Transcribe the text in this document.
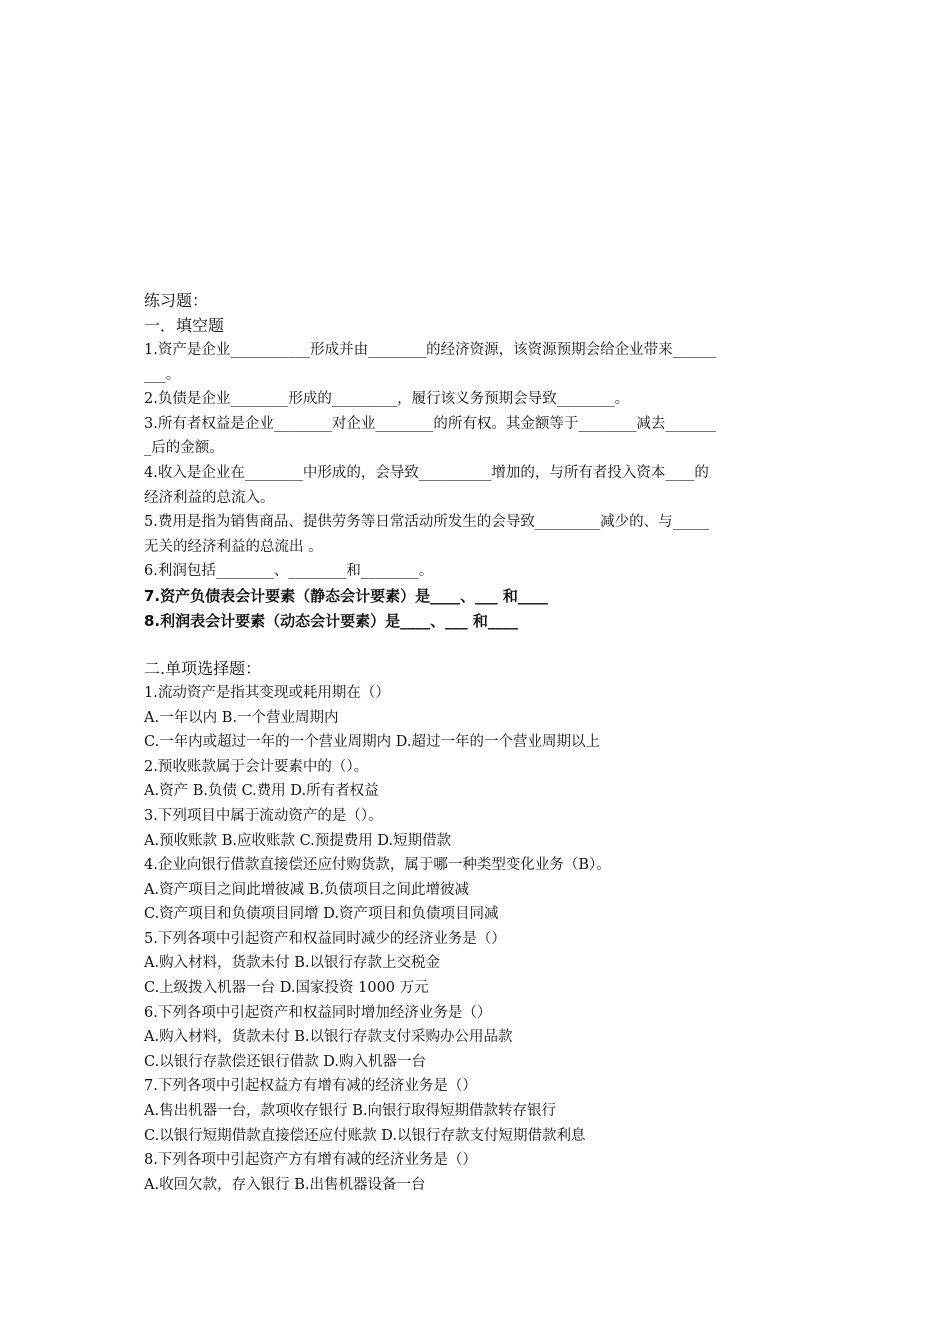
练习题：

一．填空题

1.资产是企业___________形成并由________的经济资源，该资源预期会给企业带来______

___。

2.负债是企业________形成的_________，履行该义务预期会导致________。

3.所有者权益是企业________对企业________的所有权。其金额等于________减去_______

_后的金额。

4.收入是企业在________中形成的，会导致__________增加的，与所有者投入资本____的

经济利益的总流入。

5.费用是指为销售商品、提供劳务等日常活动所发生的会导致_________减少的、与_____

无关的经济利益的总流出 。

6.利润包括________、________和________。

7.资产负债表会计要素（静态会计要素）是____、___ 和____

8.利润表会计要素（动态会计要素）是____、___ 和____

二.单项选择题：

1.流动资产是指其变现或耗用期在（）

A.一年以内 B.一个营业周期内

C.一年内或超过一年的一个营业周期内 D.超过一年的一个营业周期以上

2.预收账款属于会计要素中的（）。

A.资产 B.负债 C.费用 D.所有者权益

3.下列项目中属于流动资产的是（）。

A.预收账款 B.应收账款 C.预提费用 D.短期借款

4.企业向银行借款直接偿还应付购货款，属于哪一种类型变化业务（B）。

A.资产项目之间此增彼减 B.负债项目之间此增彼减

C.资产项目和负债项目同增 D.资产项目和负债项目同减

5.下列各项中引起资产和权益同时减少的经济业务是（）

A.购入材料，货款未付 B.以银行存款上交税金

C.上级拨入机器一台 D.国家投资 1000 万元

6.下列各项中引起资产和权益同时增加经济业务是（）

A.购入材料，货款未付 B.以银行存款支付采购办公用品款

C.以银行存款偿还银行借款 D.购入机器一台

7.下列各项中引起权益方有增有减的经济业务是（）

A.售出机器一台，款项收存银行 B.向银行取得短期借款转存银行

C.以银行短期借款直接偿还应付账款 D.以银行存款支付短期借款利息

8.下列各项中引起资产方有增有减的经济业务是（）

A.收回欠款，存入银行 B.出售机器设备一台
